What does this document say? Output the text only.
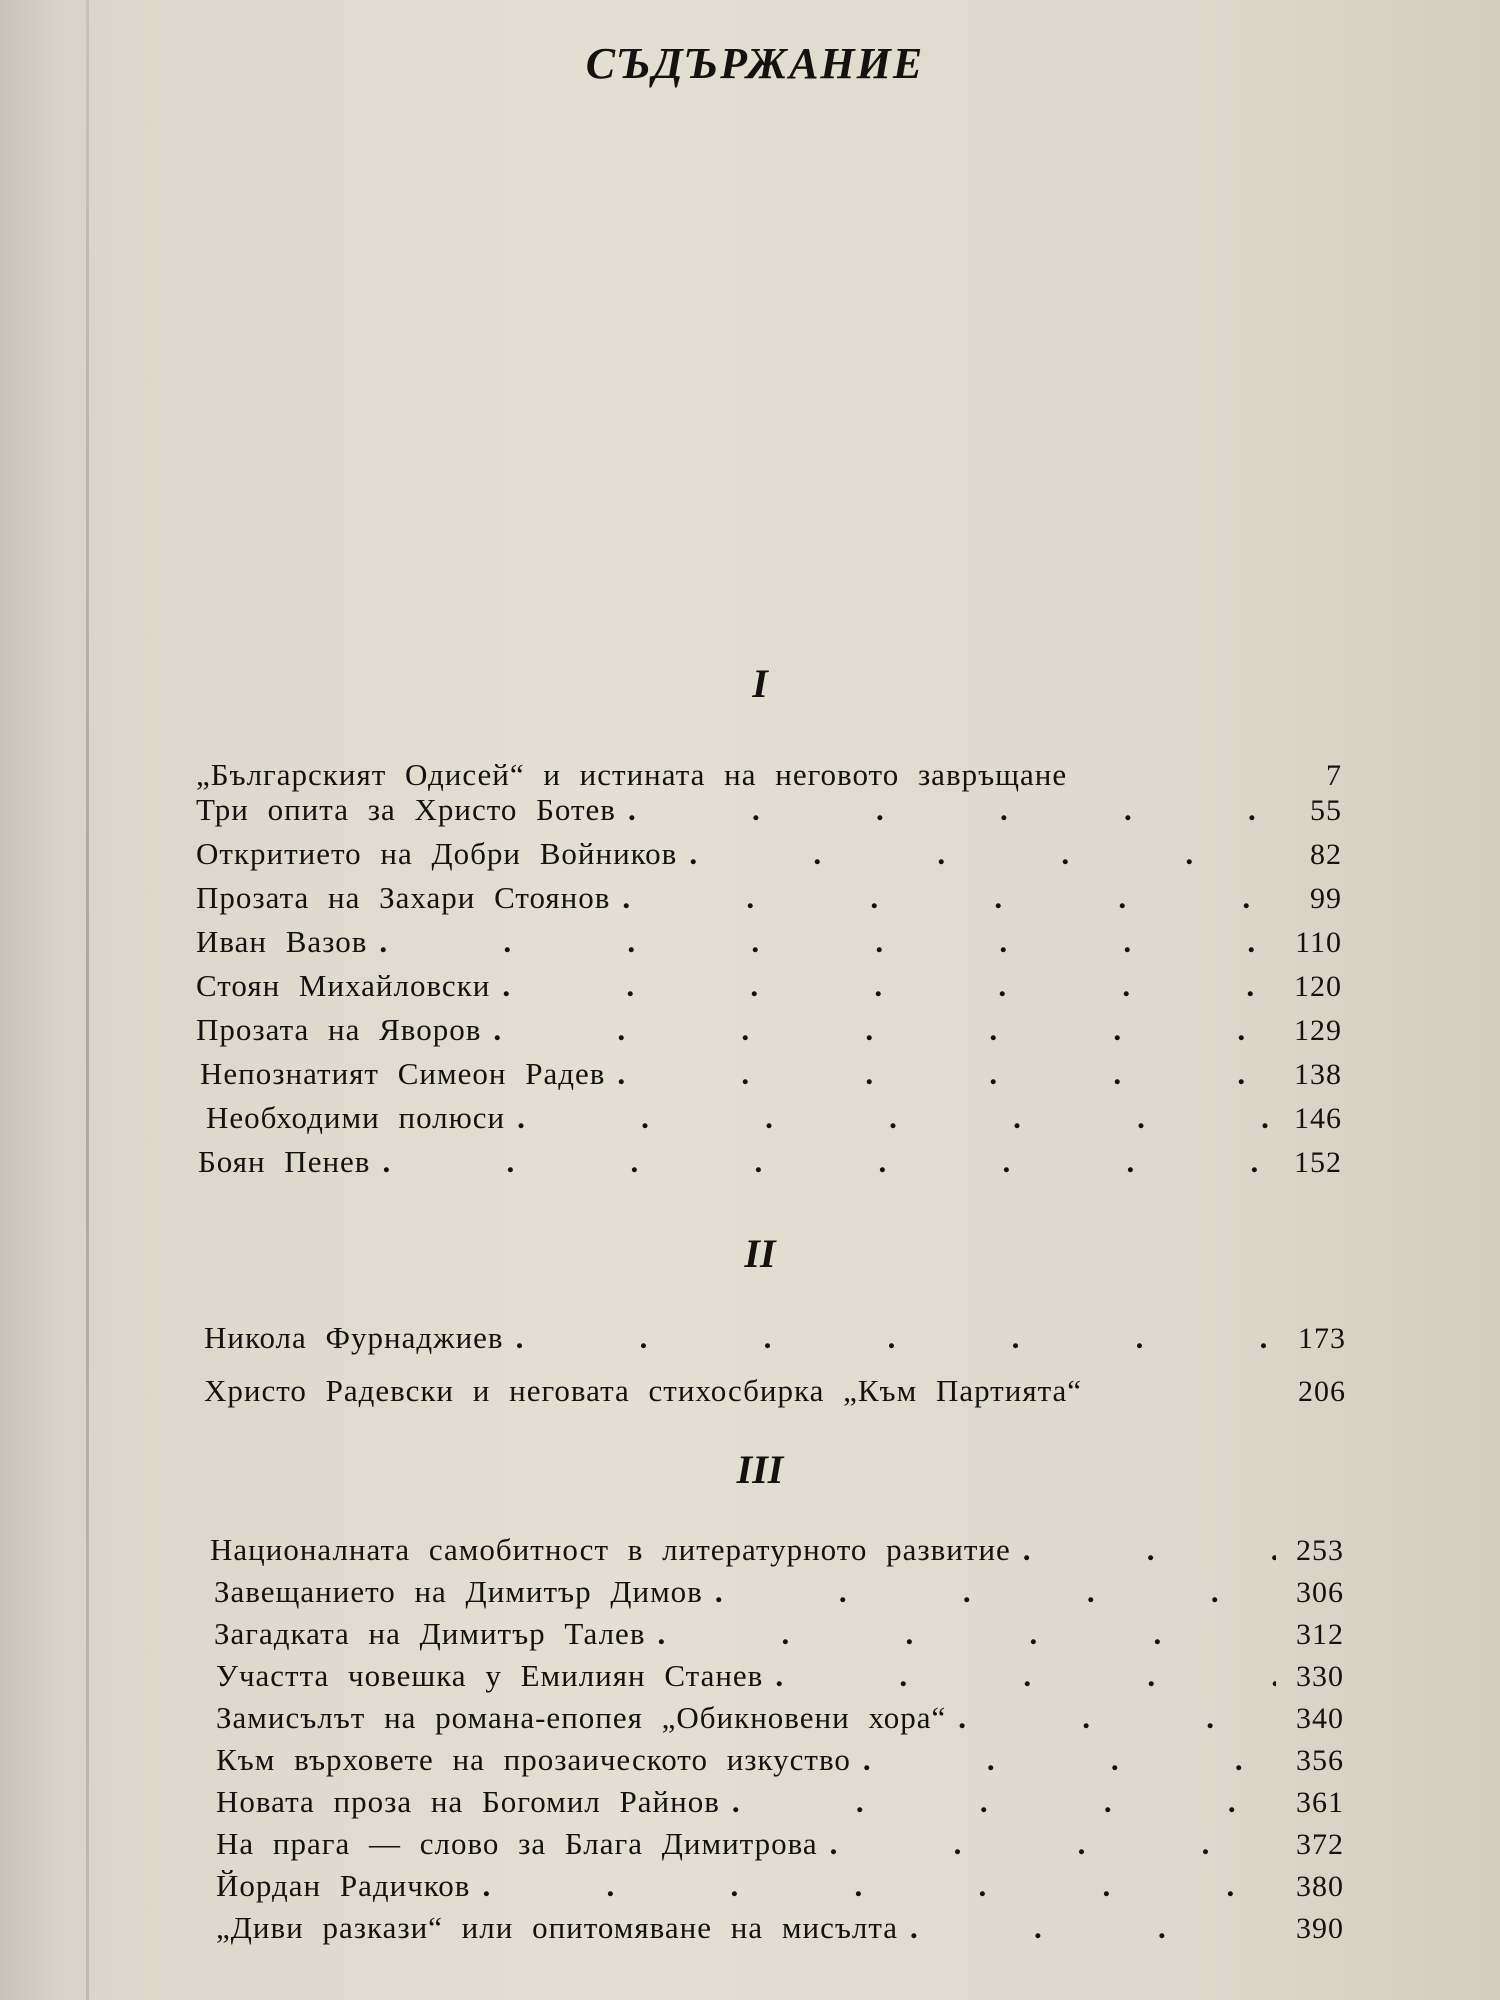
СЪДЪРЖАНИЕ
I
„Българският Одисей“ и истината на неговото завръщане	7
Три опита за Христо Ботев .	55
Откритието на Добри Войников .	82
Прозата на Захари Стоянов .	99
Иван Вазов .	110
Стоян Михайловски .	120
Прозата на Яворов .	129
Непознатият Симеон Радев .	138
Необходими полюси .	146
Боян Пенев .	152
II
Никола Фурнаджиев .	173
Христо Радевски и неговата стихосбирка „Към Партията“	206
III
Националната самобитност в литературното развитие .	253
Завещанието на Димитър Димов .	306
Загадката на Димитър Талев .	312
Участта човешка у Емилиян Станев .	330
Замисълът на романа-епопея „Обикновени хора“ .	340
Към върховете на прозаическото изкуство .	356
Новата проза на Богомил Райнов .	361
На прага — слово за Блага Димитрова .	372
Йордан Радичков .	380
„Диви разкази“ или опитомяване на мисълта .	390
